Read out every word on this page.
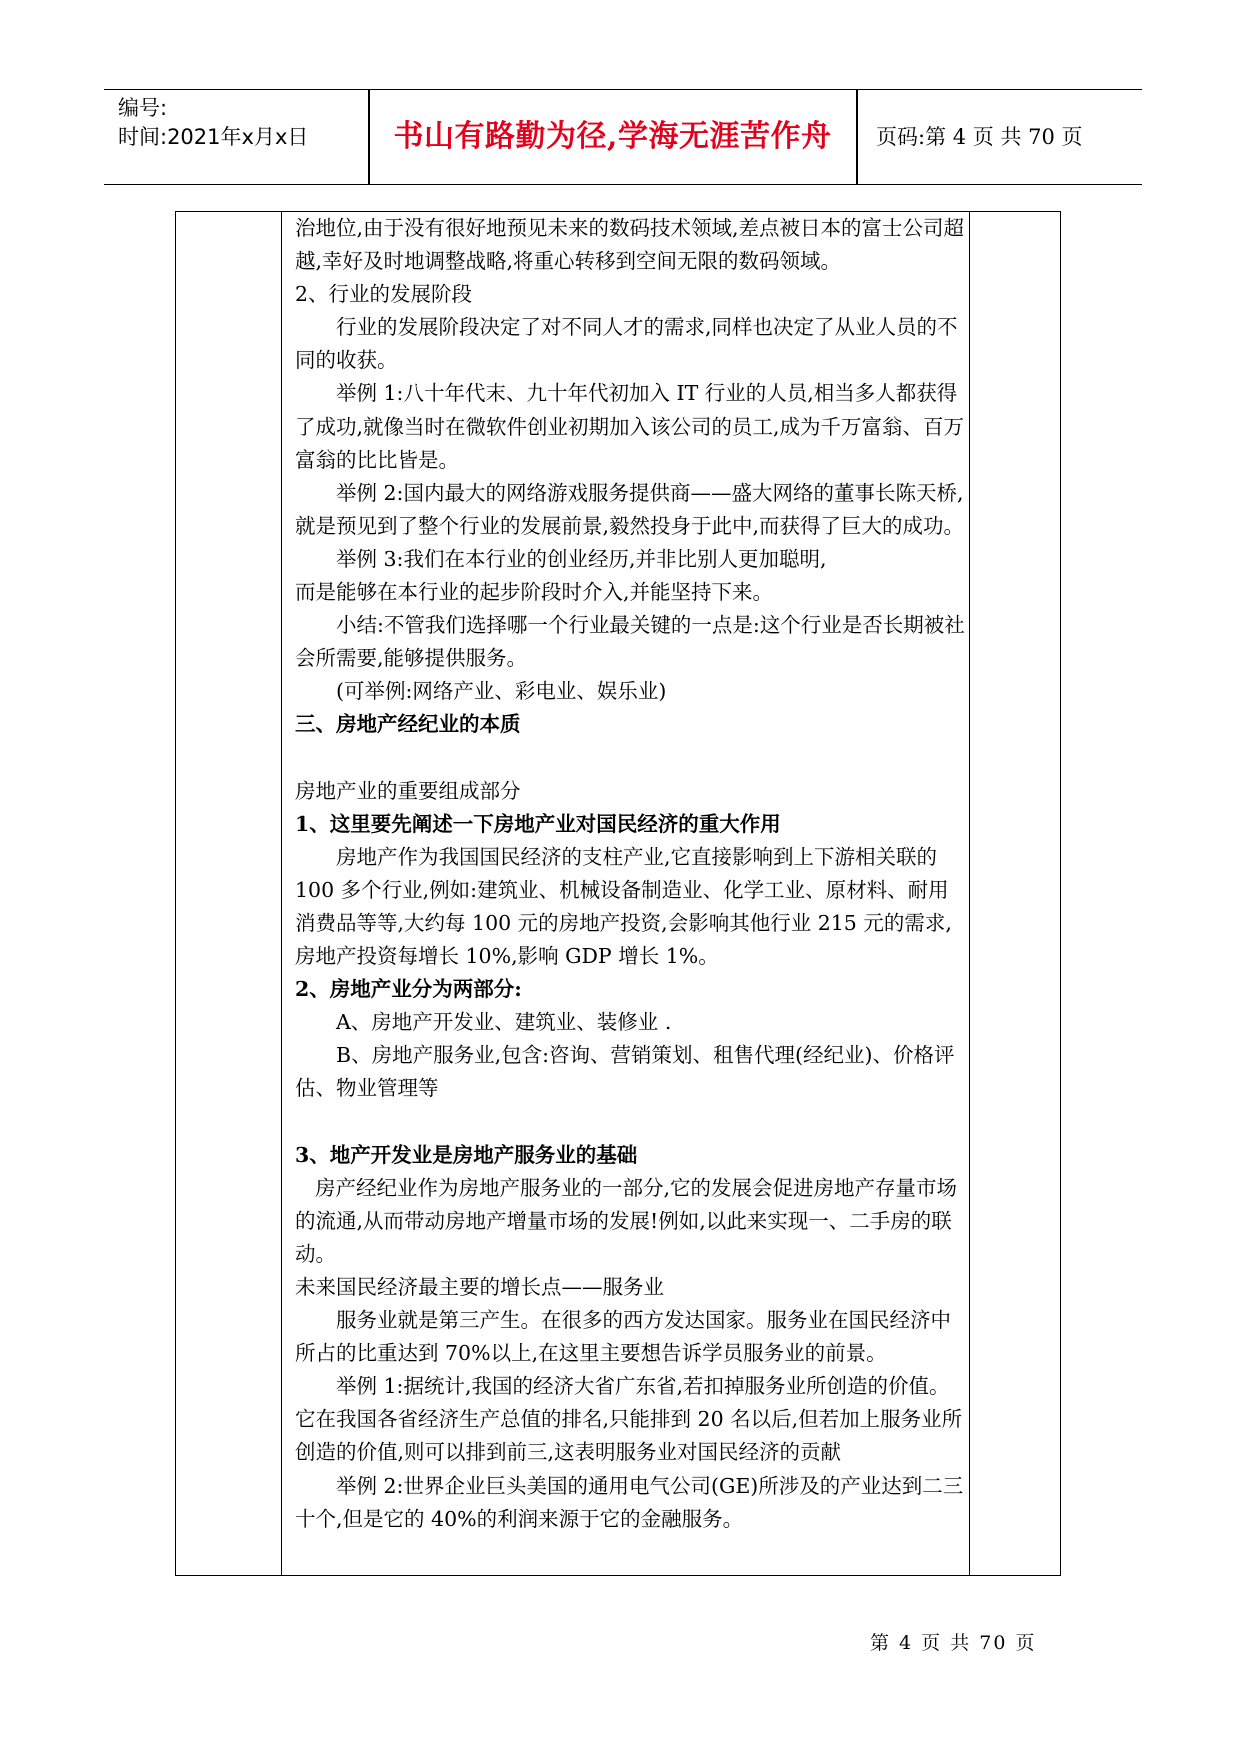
编号:
时间:2021年x月x日	书山有路勤为径,学海无涯苦作舟	页码:第 4 页 共 70 页

治地位,由于没有很好地预见未来的数码技术领域,差点被日本的富士公司超越,幸好及时地调整战略,将重心转移到空间无限的数码领域。

2、行业的发展阶段

行业的发展阶段决定了对不同人才的需求,同样也决定了从业人员的不同的收获。

举例 1:八十年代末、九十年代初加入 IT 行业的人员,相当多人都获得了成功,就像当时在微软件创业初期加入该公司的员工,成为千万富翁、百万富翁的比比皆是。

举例 2:国内最大的网络游戏服务提供商——盛大网络的董事长陈天桥,就是预见到了整个行业的发展前景,毅然投身于此中,而获得了巨大的成功。

举例 3:我们在本行业的创业经历,并非比别人更加聪明,

而是能够在本行业的起步阶段时介入,并能坚持下来。

小结:不管我们选择哪一个行业最关键的一点是:这个行业是否长期被社会所需要,能够提供服务。

(可举例:网络产业、彩电业、娱乐业)

三、房地产经纪业的本质

房地产业的重要组成部分

1、这里要先阐述一下房地产业对国民经济的重大作用

房地产作为我国国民经济的支柱产业,它直接影响到上下游相关联的 100 多个行业,例如:建筑业、机械设备制造业、化学工业、原材料、耐用消费品等等,大约每 100 元的房地产投资,会影响其他行业 215 元的需求,房地产投资每增长 10%,影响 GDP 增长 1%。

2、房地产业分为两部分:

A、房地产开发业、建筑业、装修业 .

B、房地产服务业,包含:咨询、营销策划、租售代理(经纪业)、价格评估、物业管理等

3、地产开发业是房地产服务业的基础

房产经纪业作为房地产服务业的一部分,它的发展会促进房地产存量市场的流通,从而带动房地产增量市场的发展!例如,以此来实现一、二手房的联动。

未来国民经济最主要的增长点——服务业

服务业就是第三产生。在很多的西方发达国家。服务业在国民经济中所占的比重达到 70%以上,在这里主要想告诉学员服务业的前景。

举例 1:据统计,我国的经济大省广东省,若扣掉服务业所创造的价值。它在我国各省经济生产总值的排名,只能排到 20 名以后,但若加上服务业所创造的价值,则可以排到前三,这表明服务业对国民经济的贡献

举例 2:世界企业巨头美国的通用电气公司(GE)所涉及的产业达到二三十个,但是它的 40%的利润来源于它的金融服务。

第 4 页 共 70 页
